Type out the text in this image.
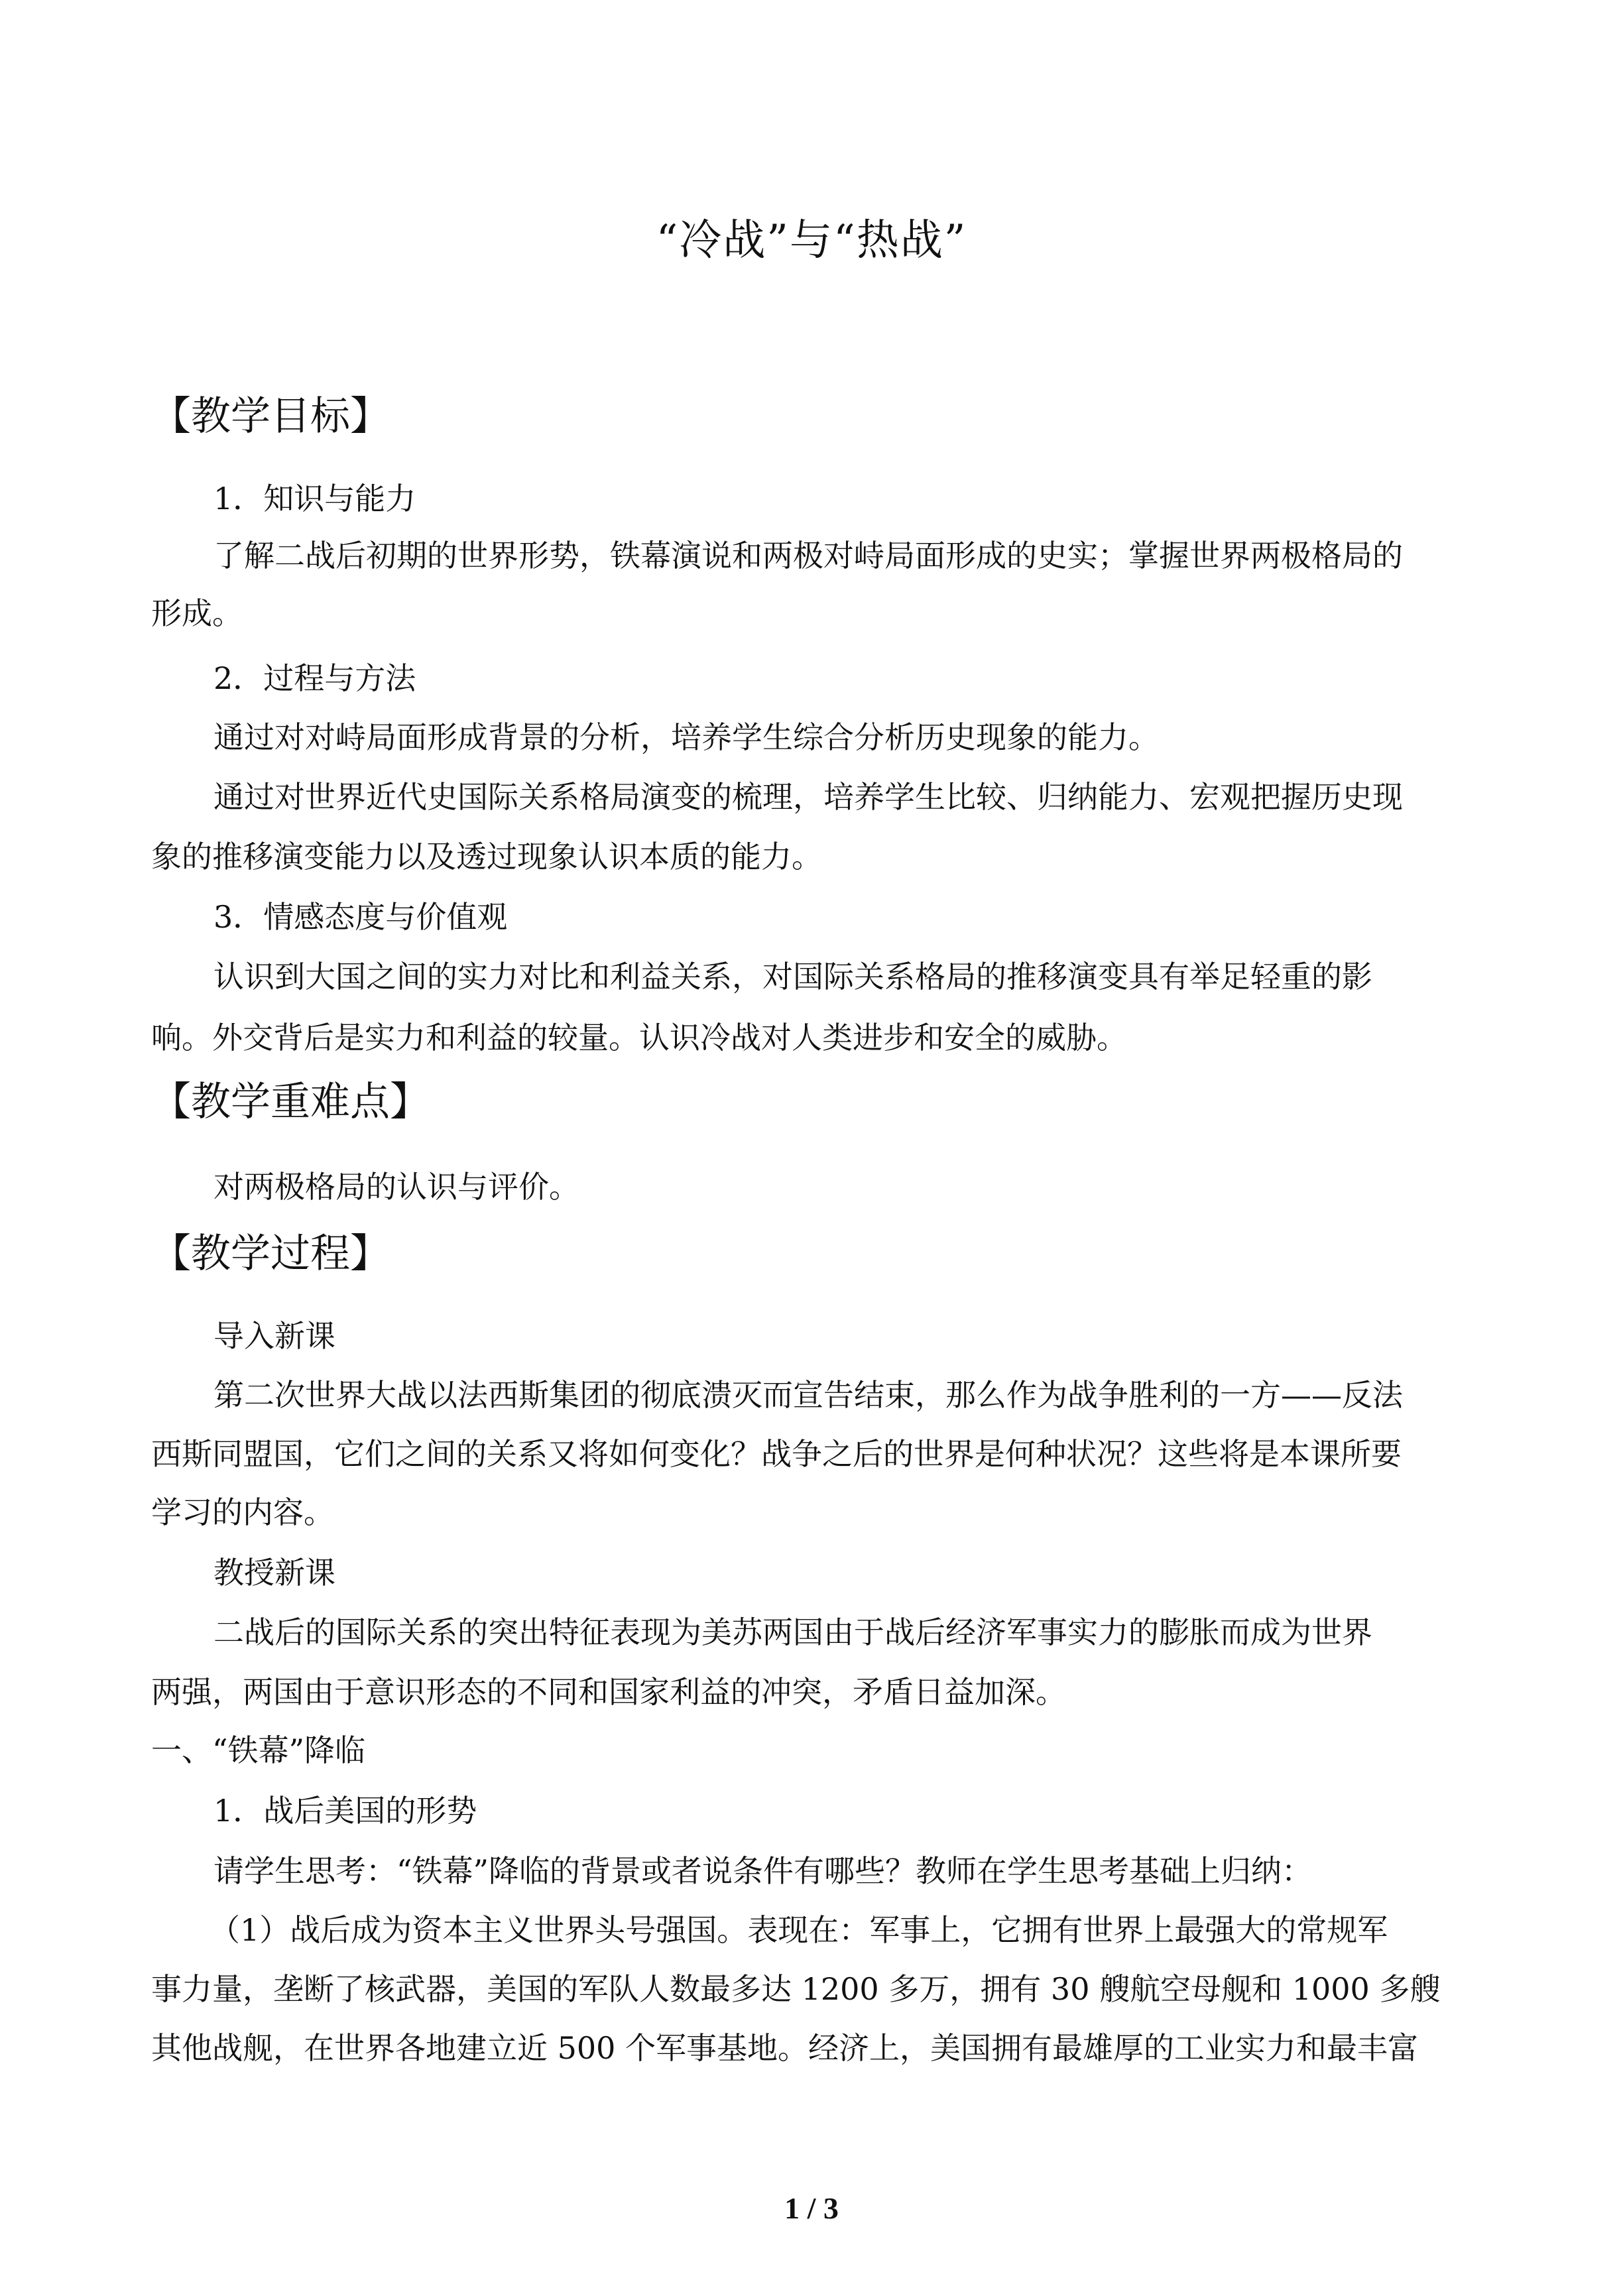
“冷战”与“热战”
【教学目标】
1．知识与能力
了解二战后初期的世界形势，铁幕演说和两极对峙局面形成的史实；掌握世界两极格局的
形成。
2．过程与方法
通过对对峙局面形成背景的分析，培养学生综合分析历史现象的能力。
通过对世界近代史国际关系格局演变的梳理，培养学生比较、归纳能力、宏观把握历史现
象的推移演变能力以及透过现象认识本质的能力。
3．情感态度与价值观
认识到大国之间的实力对比和利益关系，对国际关系格局的推移演变具有举足轻重的影
响。外交背后是实力和利益的较量。认识冷战对人类进步和安全的威胁。
【教学重难点】
对两极格局的认识与评价。
【教学过程】
导入新课
第二次世界大战以法西斯集团的彻底溃灭而宣告结束，那么作为战争胜利的一方——反法
西斯同盟国，它们之间的关系又将如何变化？战争之后的世界是何种状况？这些将是本课所要
学习的内容。
教授新课
二战后的国际关系的突出特征表现为美苏两国由于战后经济军事实力的膨胀而成为世界
两强，两国由于意识形态的不同和国家利益的冲突，矛盾日益加深。
一、“铁幕”降临
1．战后美国的形势
请学生思考：“铁幕”降临的背景或者说条件有哪些？教师在学生思考基础上归纳：
（1）战后成为资本主义世界头号强国。表现在：军事上，它拥有世界上最强大的常规军
事力量，垄断了核武器，美国的军队人数最多达 1200 多万，拥有 30 艘航空母舰和 1000 多艘
其他战舰，在世界各地建立近 500 个军事基地。经济上，美国拥有最雄厚的工业实力和最丰富
1 / 3
